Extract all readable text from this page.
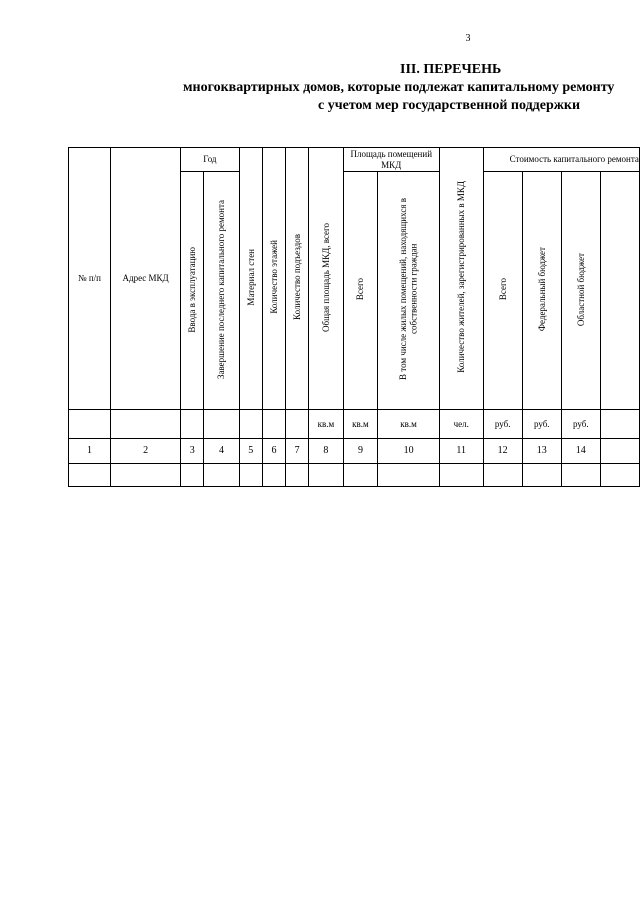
3
III. ПЕРЕЧЕНЬ
многоквартирных домов, которые подлежат капитальному ремонту
с учетом мер государственной поддержки
№ п/п	Адрес МКД	Год		Материал стен	Количество этажей	Количество подъездов	Общая площадь МКД, всего	Площадь помещений МКД		Количество жителей, зарегистрированных в МКД	Стоимость капитального ремонта			
		Ввода в эксплуатацию	Завершение последнего капитального ремонта					Всего	В том числе жилых помещений, находящихся в собственности граждан		Всего	Федеральный бюджет	Областной бюджет	
							кв.м	кв.м	кв.м	чел.	руб.	руб.	руб.	
1	2	3	4	5	6	7	8	9	10	11	12	13	14	
